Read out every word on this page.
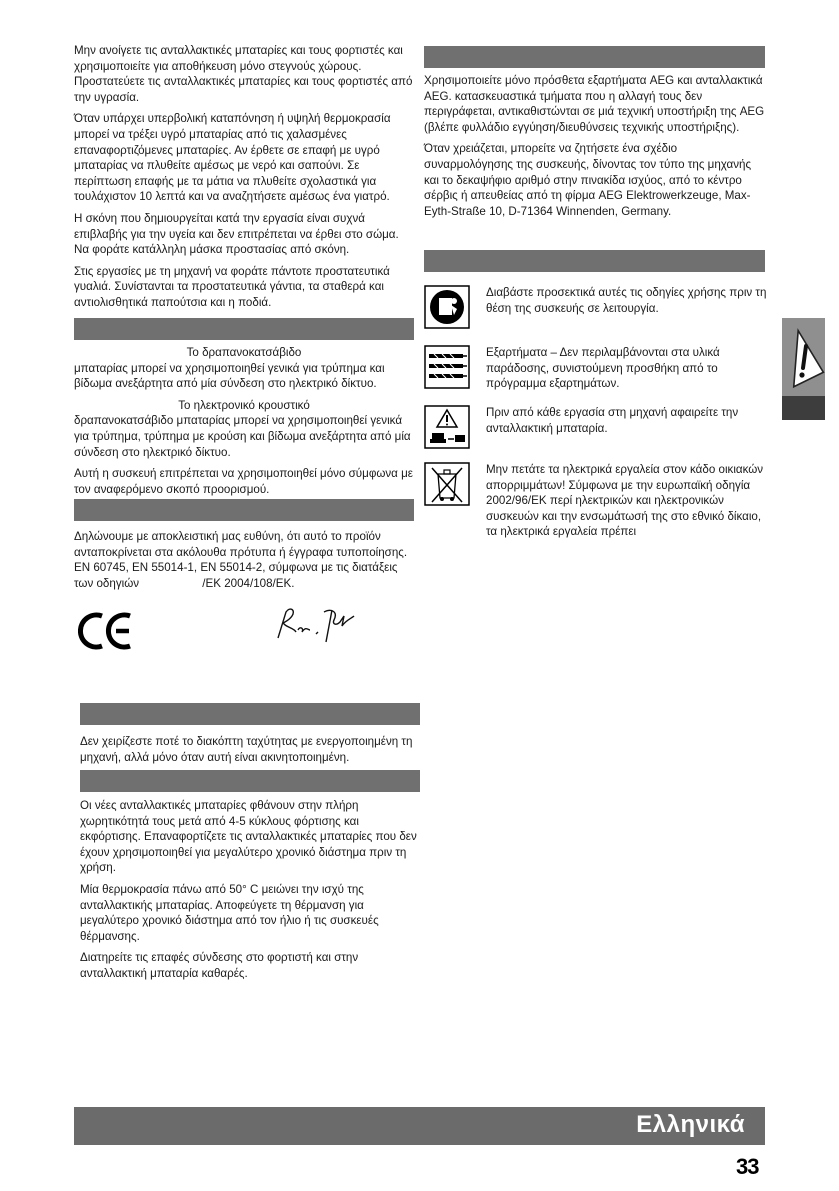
Μην ανοίγετε τις ανταλλακτικές μπαταρίες και τους φορτιστές και χρησιμοποιείτε για αποθήκευση μόνο στεγνούς χώρους. Προστατεύετε τις ανταλλακτικές μπαταρίες και τους φορτιστές από την υγρασία.

Όταν υπάρχει υπερβολική καταπόνηση ή υψηλή θερμοκρασία μπορεί να τρέξει υγρό μπαταρίας από τις χαλασμένες επαναφορτιζόμενες μπαταρίες. Αν έρθετε σε επαφή με υγρό μπαταρίας να πλυθείτε αμέσως με νερό και σαπούνι. Σε περίπτωση επαφής με τα μάτια να πλυθείτε σχολαστικά για τουλάχιστον 10 λεπτά και να αναζητήσετε αμέσως ένα γιατρό.

Η σκόνη που δημιουργείται κατά την εργασία είναι συχνά επιβλαβής για την υγεία και δεν επιτρέπεται να έρθει στο σώμα. Να φοράτε κατάλληλη μάσκα προστασίας από σκόνη.

Στις εργασίες με τη μηχανή να φοράτε πάντοτε προστατευτικά γυαλιά. Συνίστανται τα προστατευτικά γάντια, τα σταθερά και αντιολισθητικά παπούτσια και η ποδιά.

Το δραπανοκατσάβιδο
μπαταρίας μπορεί να χρησιμοποιηθεί γενικά για τρύπημα και βίδωμα ανεξάρτητα από μία σύνδεση στο ηλεκτρικό δίκτυο.

Το ηλεκτρονικό κρουστικό
δραπανοκατσάβιδο μπαταρίας μπορεί να χρησιμοποιηθεί γενικά για τρύπημα, τρύπημα με κρούση και βίδωμα ανεξάρτητα από μία σύνδεση στο ηλεκτρικό δίκτυο.

Αυτή η συσκευή επιτρέπεται να χρησιμοποιηθεί μόνο σύμφωνα με τον αναφερόμενο σκοπό προορισμού.

Δηλώνουμε με αποκλειστική μας ευθύνη, ότι αυτό το προϊόν ανταποκρίνεται στα ακόλουθα πρότυπα ή έγγραφα τυποποίησης. EN 60745, EN 55014-1, EN 55014-2, σύμφωνα με τις διατάξεις των οδηγιών	/EK 2004/108/EK.

Δεν χειρίζεστε ποτέ το διακόπτη ταχύτητας με ενεργοποιημένη τη μηχανή, αλλά μόνο όταν αυτή είναι ακινητοποιημένη.

Οι νέες ανταλλακτικές μπαταρίες φθάνουν στην πλήρη χωρητικότητά τους μετά από 4-5 κύκλους φόρτισης και εκφόρτισης. Επαναφορτίζετε τις ανταλλακτικές μπαταρίες που δεν έχουν χρησιμοποιηθεί για μεγαλύτερο χρονικό διάστημα πριν τη χρήση.

Μία θερμοκρασία πάνω από 50° C μειώνει την ισχύ της ανταλλακτικής μπαταρίας. Αποφεύγετε τη θέρμανση για μεγαλύτερο χρονικό διάστημα από τον ήλιο ή τις συσκευές θέρμανσης.

Διατηρείτε τις επαφές σύνδεσης στο φορτιστή και στην ανταλλακτική μπαταρία καθαρές.

Χρησιμοποιείτε μόνο πρόσθετα εξαρτήματα AEG και ανταλλακτικά AEG. κατασκευαστικά τμήματα που η αλλαγή τους δεν περιγράφεται, αντικαθιστώνται σε μιά τεχνική υποστήριξη της AEG (βλέπε φυλλάδιο εγγύηση/διευθύνσεις τεχνικής υποστήριξης).

Όταν χρειάζεται, μπορείτε να ζητήσετε ένα σχέδιο συναρμολόγησης της συσκευής, δίνοντας τον τύπο της μηχανής και το δεκαψήφιο αριθμό στην πινακίδα ισχύος, από το κέντρο σέρβις ή απευθείας από τη φίρμα AEG Elektrowerkzeuge, Max-Eyth-Straße 10, D-71364 Winnenden, Germany.

Διαβάστε προσεκτικά αυτές τις οδηγίες χρήσης πριν τη θέση της συσκευής σε λειτουργία.
Εξαρτήματα – Δεν περιλαμβάνονται στα υλικά παράδοσης, συνιστούμενη προσθήκη από το πρόγραμμα εξαρτημάτων.
Πριν από κάθε εργασία στη μηχανή αφαιρείτε την ανταλλακτική μπαταρία.
Μην πετάτε τα ηλεκτρικά εργαλεία στον κάδο οικιακών απορριμμάτων! Σύμφωνα με την ευρωπαϊκή οδηγία 2002/96/ΕΚ περί ηλεκτρικών και ηλεκτρονικών συσκευών και την ενσωμάτωσή της στο εθνικό δίκαιο, τα ηλεκτρικά εργαλεία πρέπει
Ελληνικά
33
